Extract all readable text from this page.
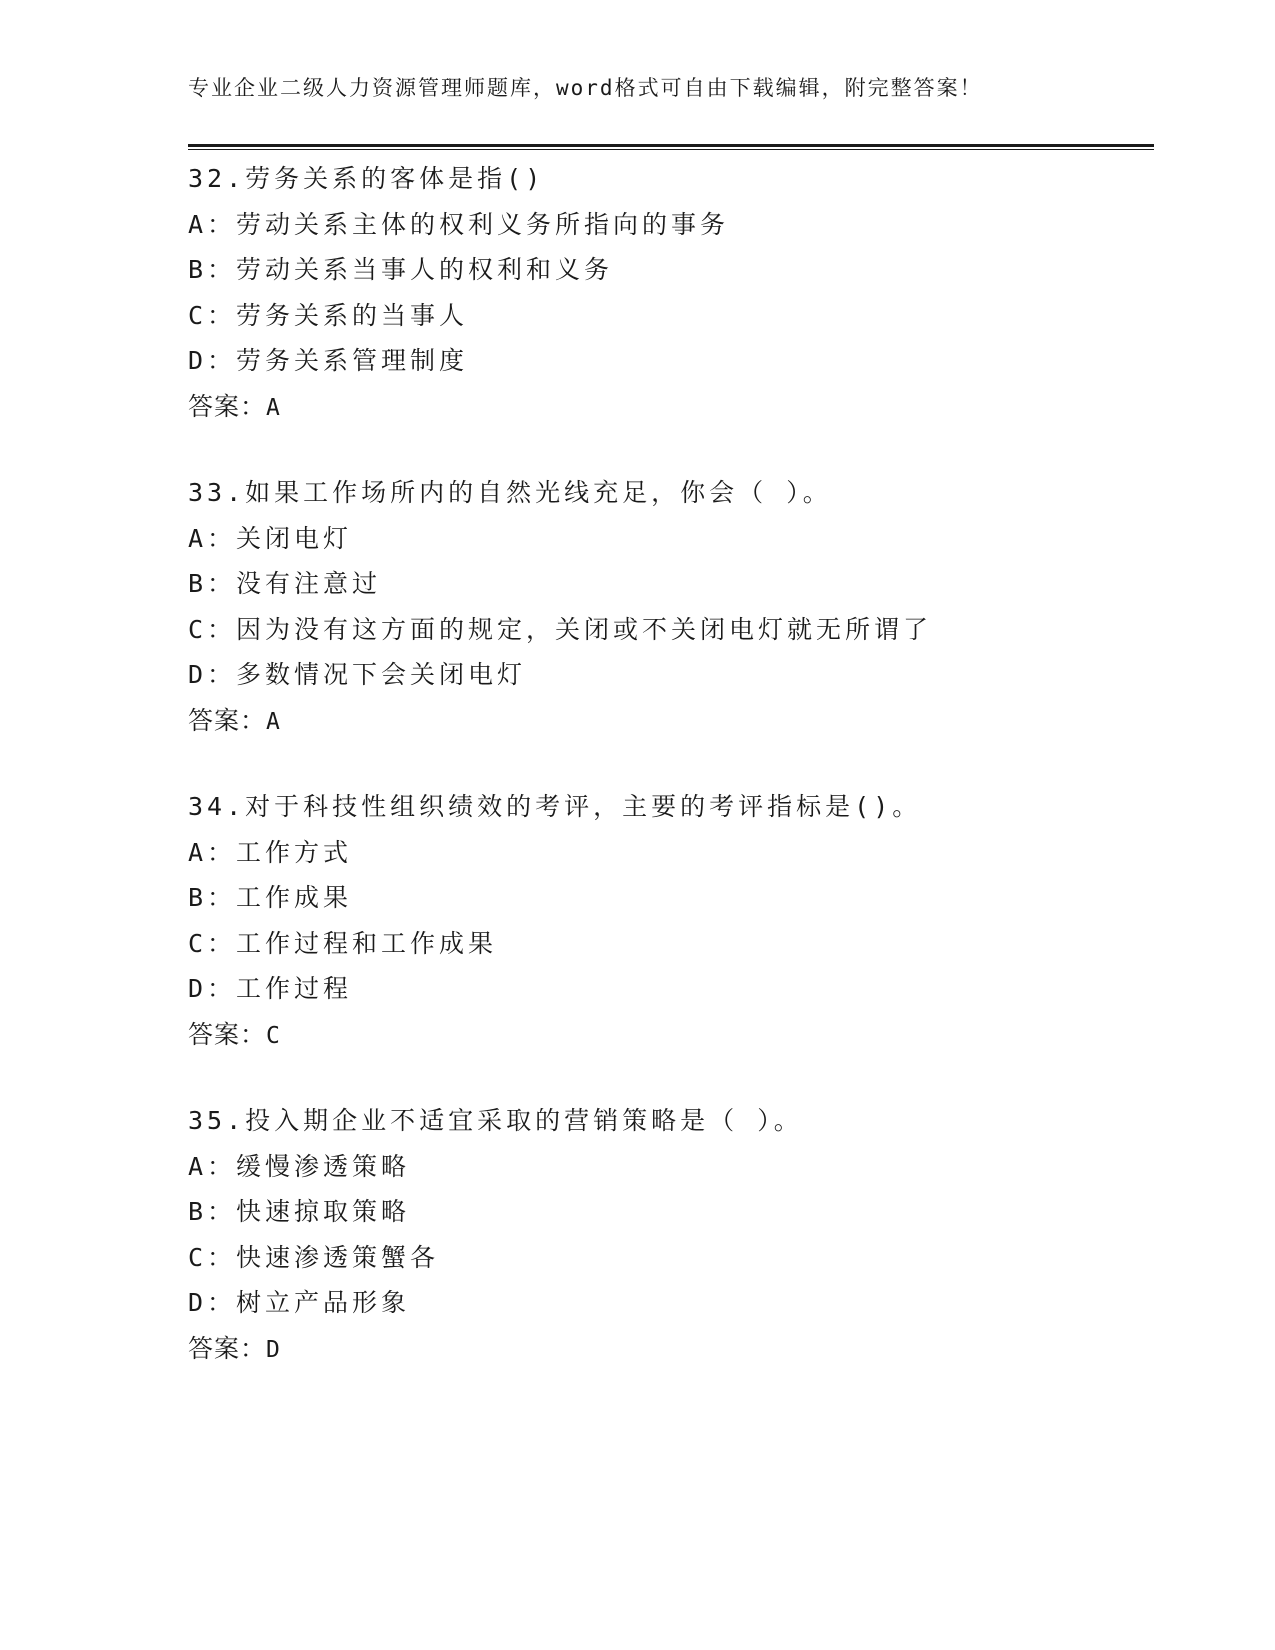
专业企业二级人力资源管理师题库，word格式可自由下载编辑，附完整答案！
32.劳务关系的客体是指()
A：劳动关系主体的权利义务所指向的事务
B：劳动关系当事人的权利和义务
C：劳务关系的当事人
D：劳务关系管理制度
答案：A
33.如果工作场所内的自然光线充足，你会（ ）。
A：关闭电灯
B：没有注意过
C：因为没有这方面的规定，关闭或不关闭电灯就无所谓了
D：多数情况下会关闭电灯
答案：A
34.对于科技性组织绩效的考评，主要的考评指标是()。
A：工作方式
B：工作成果
C：工作过程和工作成果
D：工作过程
答案：C
35.投入期企业不适宜采取的营销策略是（ ）。
A：缓慢渗透策略
B：快速掠取策略
C：快速渗透策蟹各
D：树立产品形象
答案：D
